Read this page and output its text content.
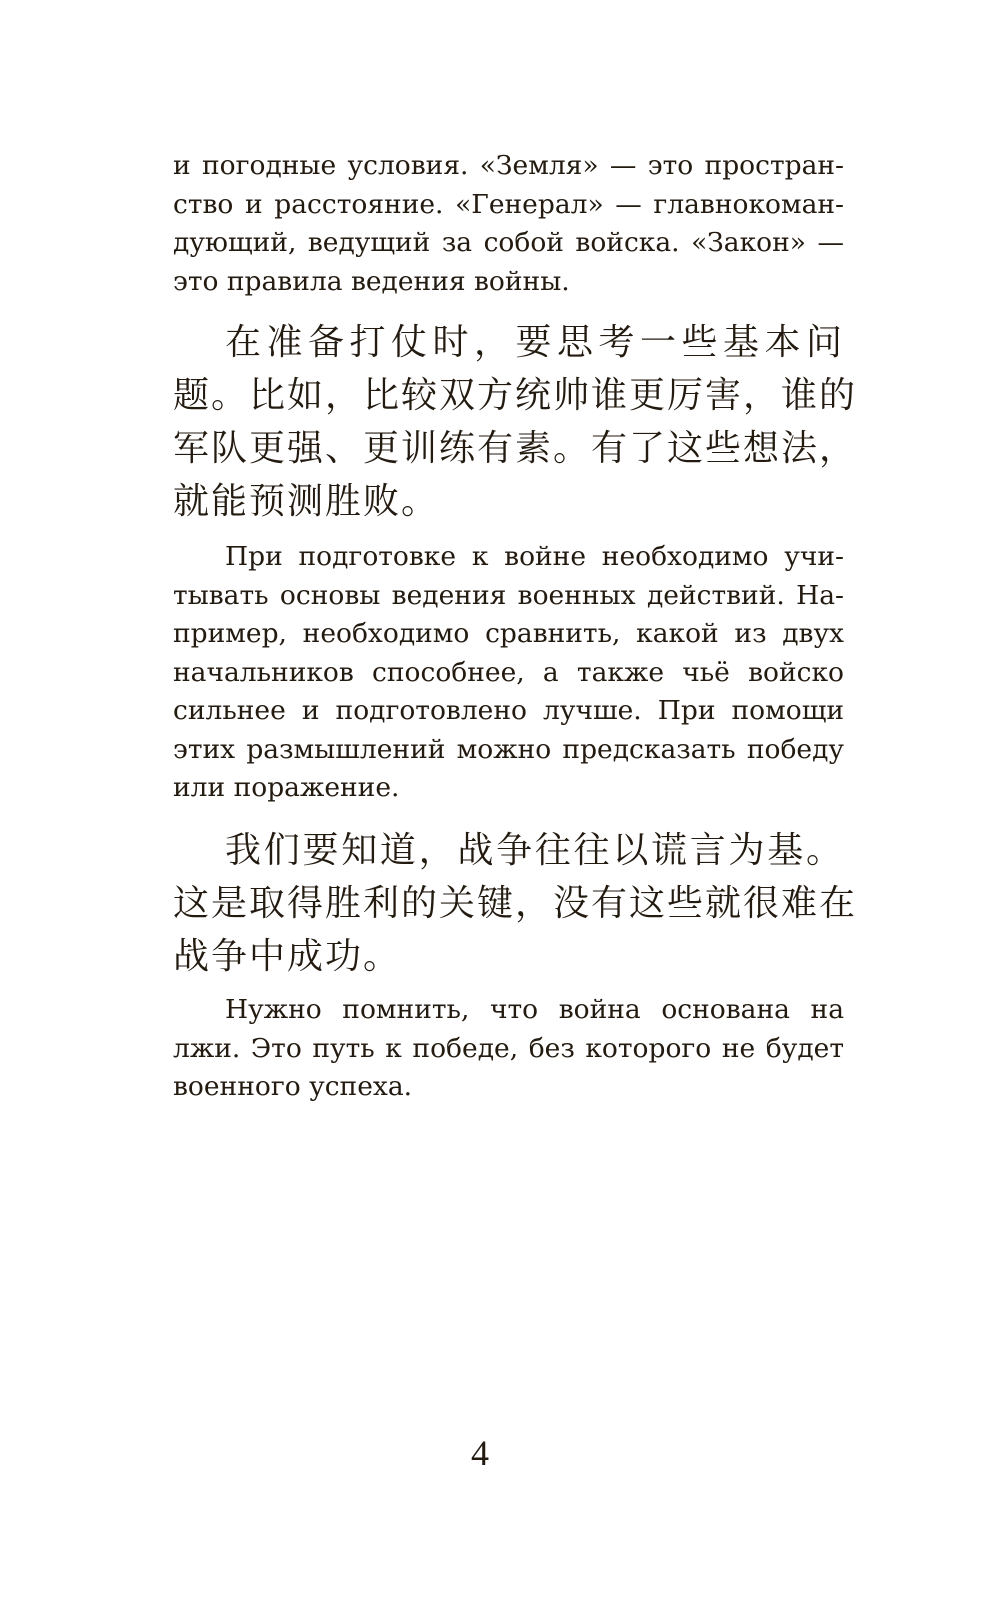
и погодные условия. «Земля» — это простран-
ство и расстояние. «Генерал» — главнокоман-
дующий, ведущий за собой войска. «Закон» —
это правила ведения войны.
在准备打仗时，要思考一些基本问
题。比如，比较双方统帅谁更厉害，谁的
军队更强、更训练有素。有了这些想法，
就能预测胜败。
При подготовке к войне необходимо учи-
тывать основы ведения военных действий. На-
пример, необходимо сравнить, какой из двух
начальников способнее, а также чьё войско
сильнее и подготовлено лучше. При помощи
этих размышлений можно предсказать победу
или поражение.
我们要知道，战争往往以谎言为基。
这是取得胜利的关键，没有这些就很难在
战争中成功。
Нужно помнить, что война основана на
лжи. Это путь к победе, без которого не будет
военного успеха.
4
